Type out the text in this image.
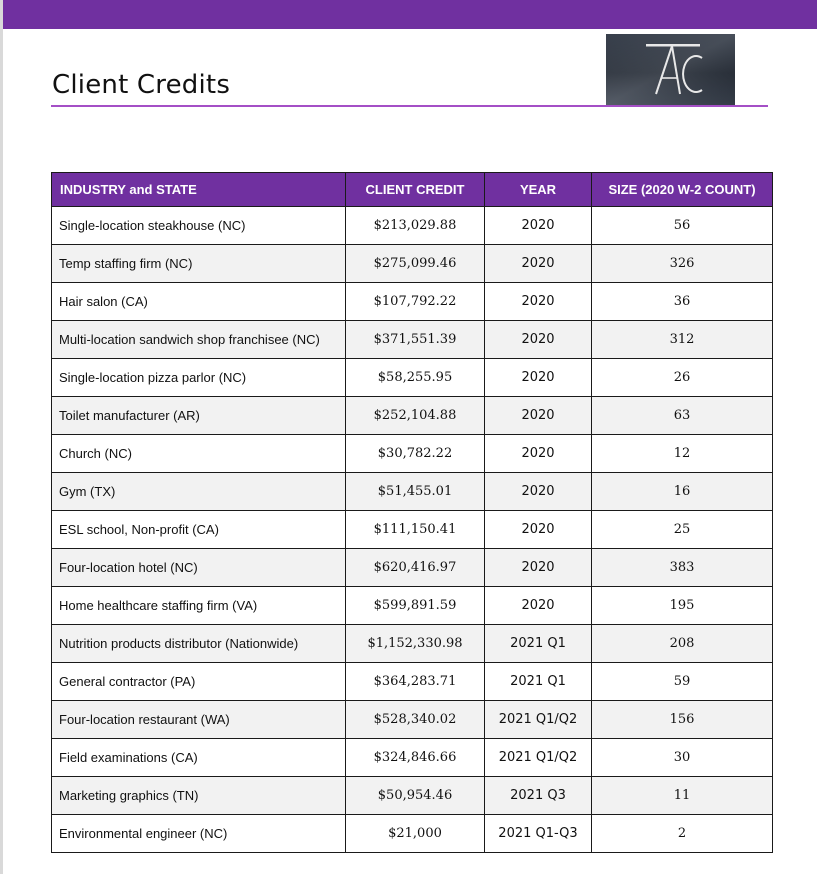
Client Credits
INDUSTRY and STATE	CLIENT CREDIT	YEAR	SIZE (2020 W-2 COUNT)
Single-location steakhouse (NC)	$213,029.88	2020	56
Temp staffing firm (NC)	$275,099.46	2020	326
Hair salon (CA)	$107,792.22	2020	36
Multi-location sandwich shop franchisee (NC)	$371,551.39	2020	312
Single-location pizza parlor (NC)	$58,255.95	2020	26
Toilet manufacturer (AR)	$252,104.88	2020	63
Church (NC)	$30,782.22	2020	12
Gym (TX)	$51,455.01	2020	16
ESL school, Non-profit (CA)	$111,150.41	2020	25
Four-location hotel (NC)	$620,416.97	2020	383
Home healthcare staffing firm (VA)	$599,891.59	2020	195
Nutrition products distributor (Nationwide)	$1,152,330.98	2021 Q1	208
General contractor (PA)	$364,283.71	2021 Q1	59
Four-location restaurant (WA)	$528,340.02	2021 Q1/Q2	156
Field examinations (CA)	$324,846.66	2021 Q1/Q2	30
Marketing graphics (TN)	$50,954.46	2021 Q3	11
Environmental engineer (NC)	$21,000	2021 Q1-Q3	2
